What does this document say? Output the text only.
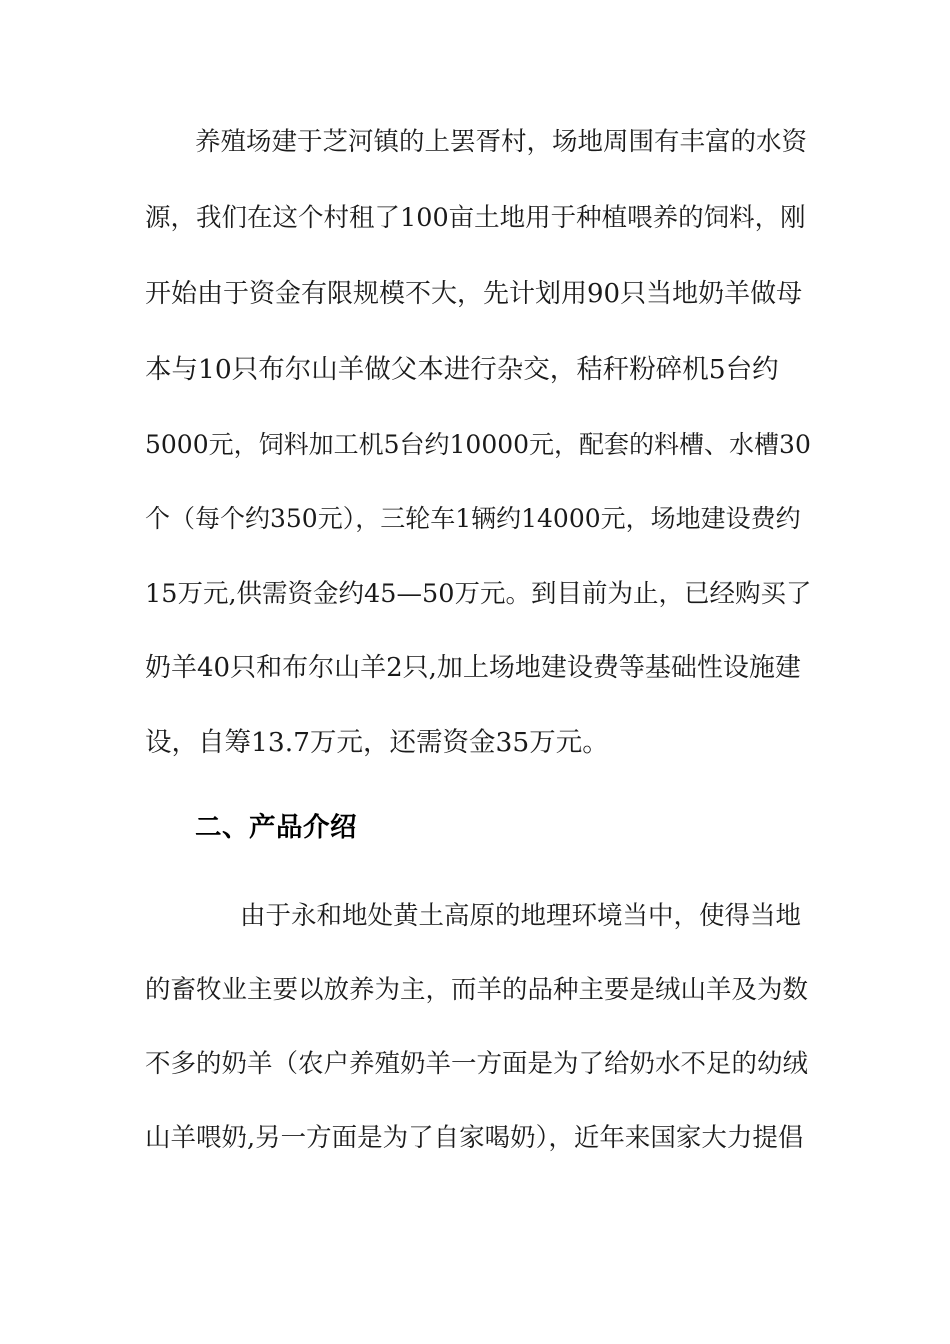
养殖场建于芝河镇的上罢胥村，场地周围有丰富的水资
源，我们在这个村租了100亩土地用于种植喂养的饲料，刚
开始由于资金有限规模不大，先计划用90只当地奶羊做母
本与10只布尔山羊做父本进行杂交，秸秆粉碎机5台约
5000元，饲料加工机5台约10000元，配套的料槽、水槽30
个（每个约350元），三轮车1辆约14000元，场地建设费约
15万元,供需资金约45—50万元。到目前为止，已经购买了
奶羊40只和布尔山羊2只,加上场地建设费等基础性设施建
设，自筹13.7万元，还需资金35万元。
二、产品介绍
由于永和地处黄土高原的地理环境当中，使得当地
的畜牧业主要以放养为主，而羊的品种主要是绒山羊及为数
不多的奶羊（农户养殖奶羊一方面是为了给奶水不足的幼绒
山羊喂奶,另一方面是为了自家喝奶），近年来国家大力提倡
